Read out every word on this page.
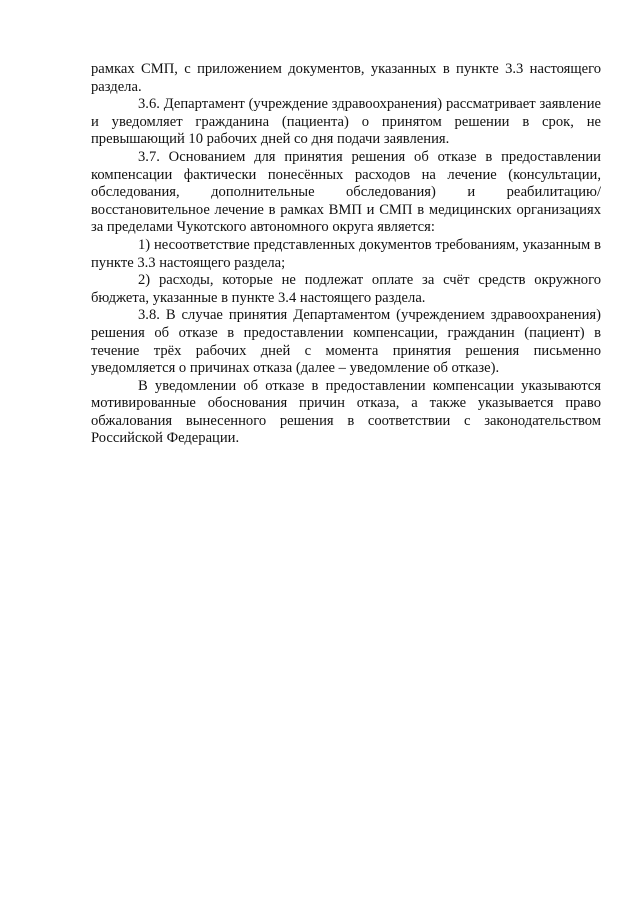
рамках СМП, с приложением документов, указанных в пункте 3.3 настоящего раздела.

3.6. Департамент (учреждение здравоохранения) рассматривает заявление и уведомляет гражданина (пациента) о принятом решении в срок, не превышающий 10 рабочих дней со дня подачи заявления.

3.7. Основанием для принятия решения об отказе в предоставлении компенсации фактически понесённых расходов на лечение (консультации, обследования, дополнительные обследования) и реабилитацию/восстановительное лечение в рамках ВМП и СМП в медицинских организациях за пределами Чукотского автономного округа является:

1) несоответствие представленных документов требованиям, указанным в пункте 3.3 настоящего раздела;

2) расходы, которые не подлежат оплате за счёт средств окружного бюджета, указанные в пункте 3.4 настоящего раздела.

3.8. В случае принятия Департаментом (учреждением здравоохранения) решения об отказе в предоставлении компенсации, гражданин (пациент) в течение трёх рабочих дней с момента принятия решения письменно уведомляется о причинах отказа (далее – уведомление об отказе).

В уведомлении об отказе в предоставлении компенсации указываются мотивированные обоснования причин отказа, а также указывается право обжалования вынесенного решения в соответствии с законодательством Российской Федерации.
